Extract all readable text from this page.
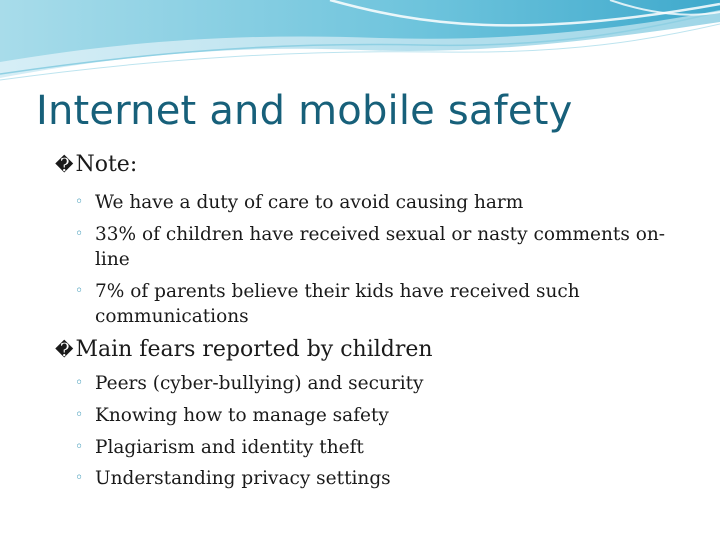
Internet and mobile safety
�Note:
◦ We have a duty of care to avoid causing harm
◦ 33% of children have received sexual or nasty comments on-line
◦ 7% of parents believe their kids have received such communications
�Main fears reported by children
◦ Peers (cyber-bullying) and security
◦ Knowing how to manage safety
◦ Plagiarism and identity theft
◦ Understanding privacy settings
